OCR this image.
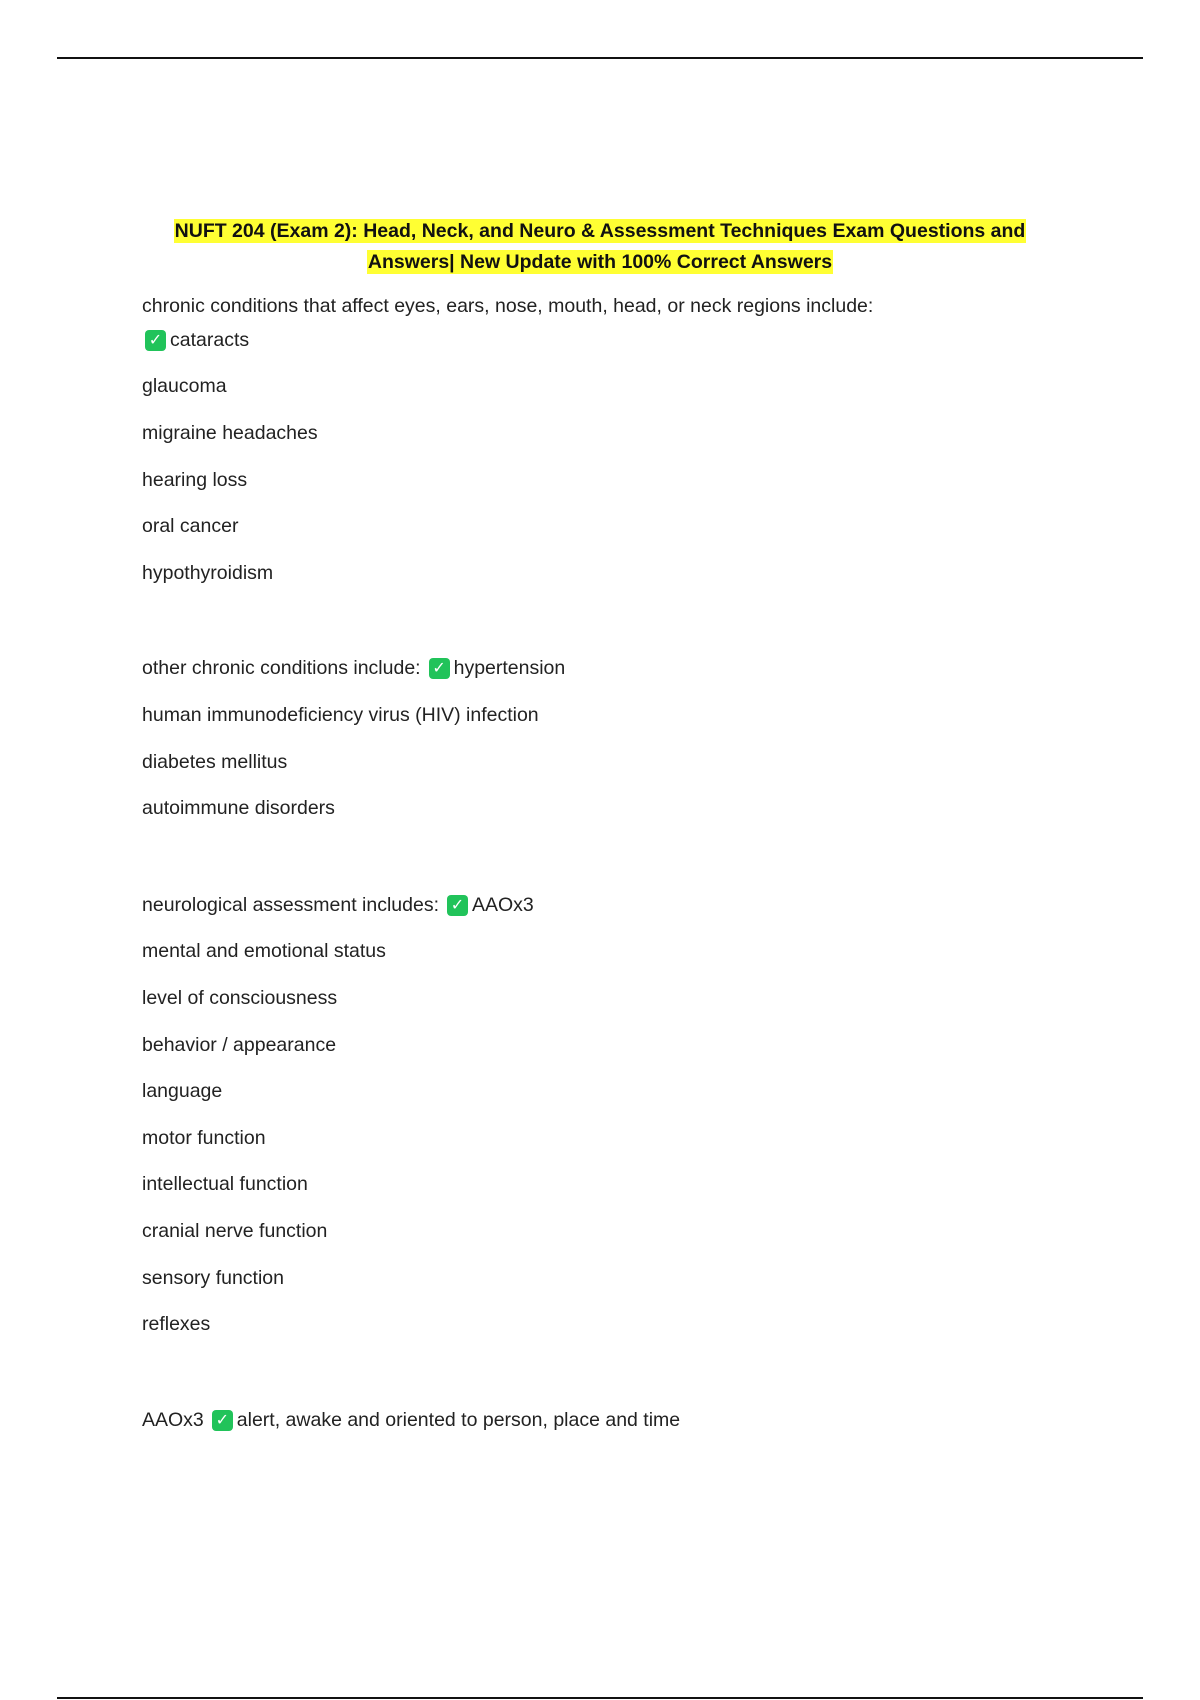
NUFT 204 (Exam 2): Head, Neck, and Neuro & Assessment Techniques Exam Questions and
Answers| New Update with 100% Correct Answers
chronic conditions that affect eyes, ears, nose, mouth, head, or neck regions include:
✓ cataracts
glaucoma
migraine headaches
hearing loss
oral cancer
hypothyroidism
other chronic conditions include: ✓ hypertension
human immunodeficiency virus (HIV) infection
diabetes mellitus
autoimmune disorders
neurological assessment includes: ✓ AAOx3
mental and emotional status
level of consciousness
behavior / appearance
language
motor function
intellectual function
cranial nerve function
sensory function
reflexes
AAOx3 ✓ alert, awake and oriented to person, place and time
